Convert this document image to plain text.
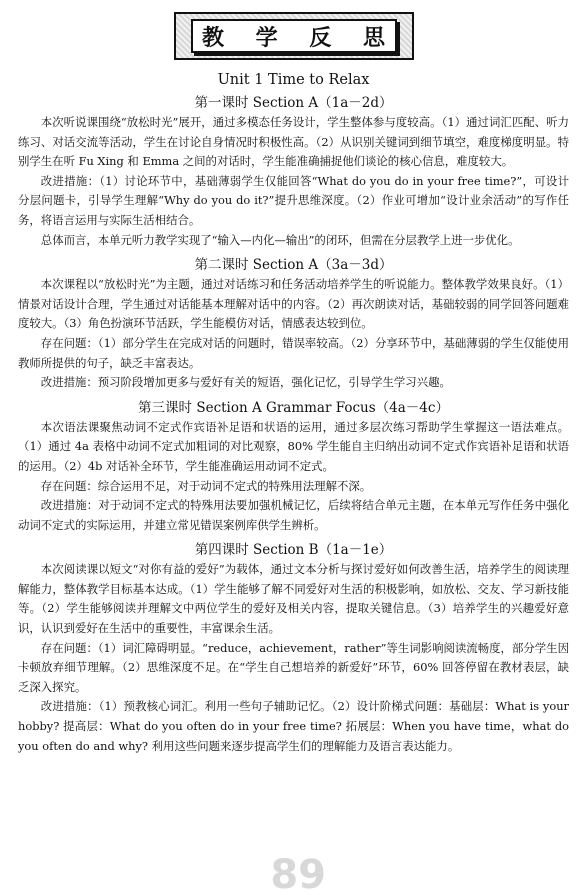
教 学 反 思
Unit 1 Time to Relax
第一课时 Section A（1a－2d）

本次听说课围绕“放松时光”展开，通过多模态任务设计，学生整体参与度较高。（1）通过词汇匹配、听力练习、对话交流等活动，学生在讨论自身情况时积极性高。（2）从识别关键词到细节填空，难度梯度明显。特别学生在听 Fu Xing 和 Emma 之间的对话时，学生能准确捕捉他们谈论的核心信息，难度较大。

改进措施：（1）讨论环节中，基础薄弱学生仅能回答“What do you do in your free time?”，可设计分层问题卡，引导学生理解“Why do you do it?”提升思维深度。（2）作业可增加“设计业余活动”的写作任务，将语言运用与实际生活相结合。

总体而言，本单元听力教学实现了“输入—内化—输出”的闭环，但需在分层教学上进一步优化。

第二课时 Section A（3a－3d）

本次课程以“放松时光”为主题，通过对话练习和任务活动培养学生的听说能力。整体教学效果良好。（1）情景对话设计合理，学生通过对话能基本理解对话中的内容。（2）再次朗读对话，基础较弱的同学回答问题难度较大。（3）角色扮演环节活跃，学生能模仿对话，情感表达较到位。

存在问题：（1）部分学生在完成对话的问题时，错误率较高。（2）分享环节中，基础薄弱的学生仅能使用教师所提供的句子，缺乏丰富表达。

改进措施：预习阶段增加更多与爱好有关的短语，强化记忆，引导学生学习兴趣。

第三课时 Section A Grammar Focus（4a－4c）

本次语法课聚焦动词不定式作宾语补足语和状语的运用，通过多层次练习帮助学生掌握这一语法难点。（1）通过 4a 表格中动词不定式加粗词的对比观察，80% 学生能自主归纳出动词不定式作宾语补足语和状语的运用。（2）4b 对话补全环节，学生能准确运用动词不定式。

存在问题：综合运用不足，对于动词不定式的特殊用法理解不深。

改进措施：对于动词不定式的特殊用法要加强机械记忆，后续将结合单元主题，在本单元写作任务中强化动词不定式的实际运用，并建立常见错误案例库供学生辨析。

第四课时 Section B（1a－1e）

本次阅读课以短文“对你有益的爱好”为载体，通过文本分析与探讨爱好如何改善生活，培养学生的阅读理解能力，整体教学目标基本达成。（1）学生能够了解不同爱好对生活的积极影响，如放松、交友、学习新技能等。（2）学生能够阅读并理解文中两位学生的爱好及相关内容，提取关键信息。（3）培养学生的兴趣爱好意识，认识到爱好在生活中的重要性，丰富课余生活。

存在问题：（1）词汇障碍明显。“reduce，achievement，rather”等生词影响阅读流畅度，部分学生因卡顿放弃细节理解。（2）思维深度不足。在“学生自己想培养的新爱好”环节，60% 回答停留在教材表层，缺乏深入探究。

改进措施：（1）预教核心词汇。利用一些句子辅助记忆。（2）设计阶梯式问题：基础层：What is your hobby? 提高层：What do you often do in your free time? 拓展层：When you have time，what do you often do and why? 利用这些问题来逐步提高学生们的理解能力及语言表达能力。

89
